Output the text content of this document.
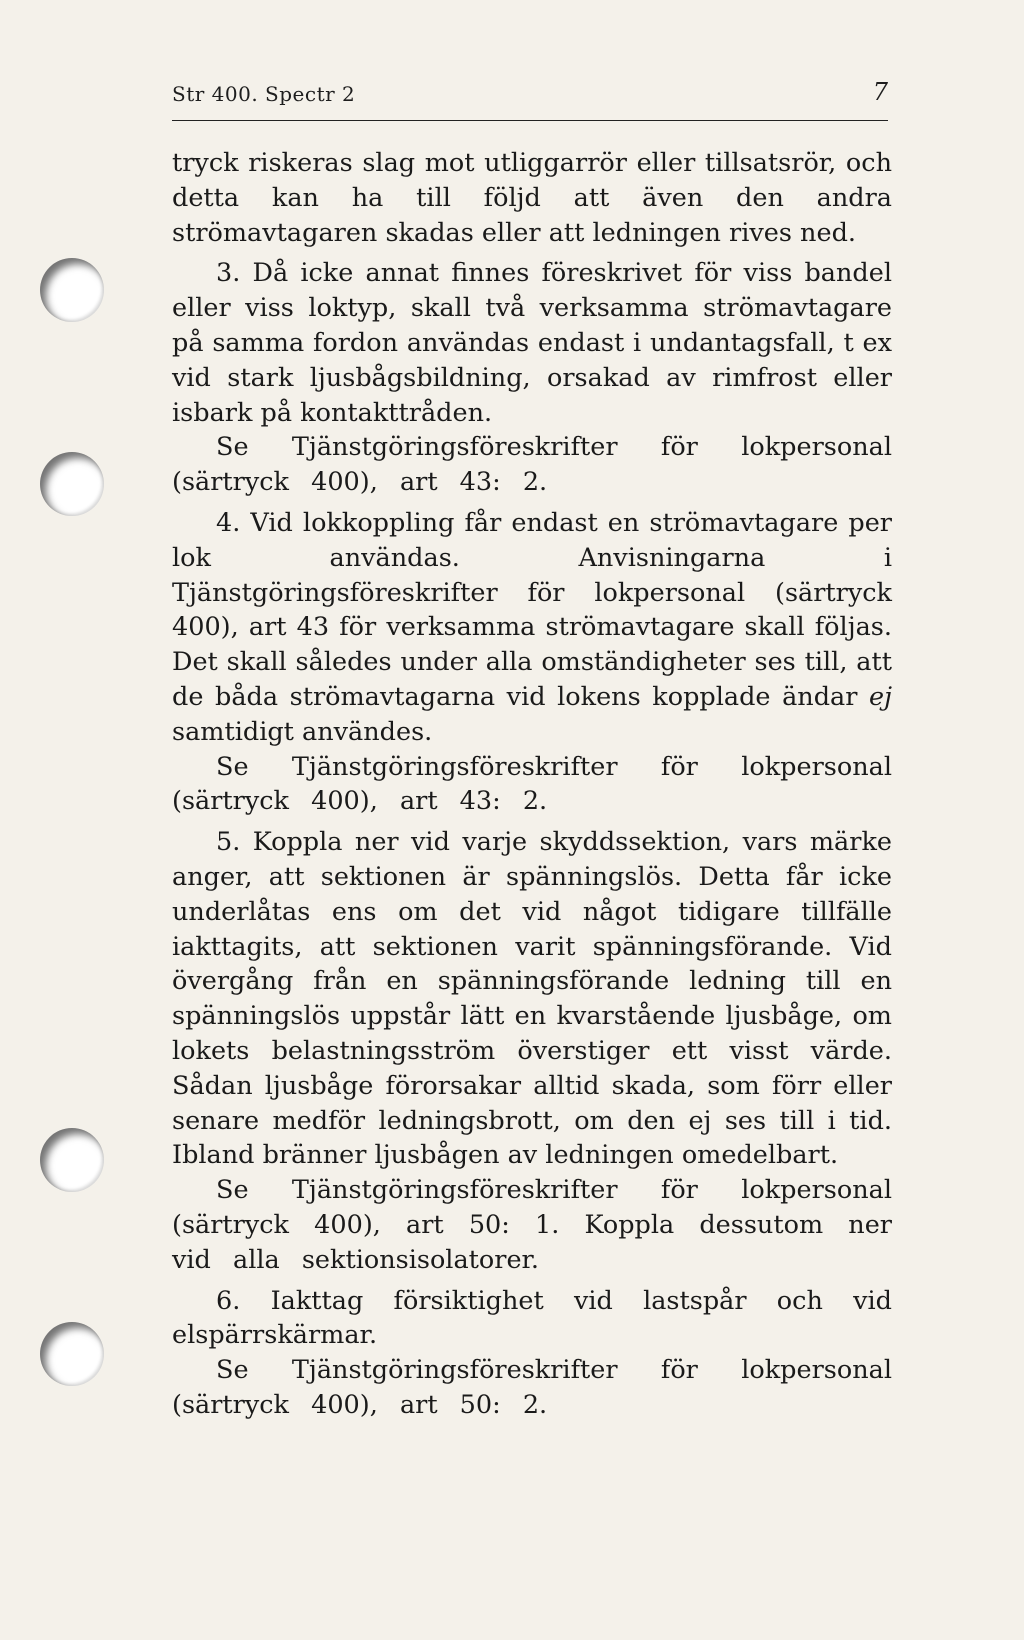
Str 400. Spectr 2	7

tryck riskeras slag mot utliggarrör eller tillsatsrör, och detta kan ha till följd att även den andra strömavtagaren skadas eller att ledningen rives ned.

3. Då icke annat finnes föreskrivet för viss bandel eller viss loktyp, skall två verksamma strömavtagare på samma fordon användas endast i undantagsfall, t ex vid stark ljusbågsbildning, orsakad av rimfrost eller isbark på kontakttråden.

Se Tjänstgöringsföreskrifter för lokpersonal (särtryck 400), art 43: 2.

4. Vid lokkoppling får endast en strömavtagare per lok användas. Anvisningarna i Tjänstgöringsföreskrifter för lokpersonal (särtryck 400), art 43 för verksamma strömavtagare skall följas. Det skall således under alla omständigheter ses till, att de båda strömavtagarna vid lokens kopplade ändar ej samtidigt användes.

Se Tjänstgöringsföreskrifter för lokpersonal (särtryck 400), art 43: 2.

5. Koppla ner vid varje skyddssektion, vars märke anger, att sektionen är spänningslös. Detta får icke underlåtas ens om det vid något tidigare tillfälle iakttagits, att sektionen varit spänningsförande. Vid övergång från en spänningsförande ledning till en spänningslös uppstår lätt en kvarstående ljusbåge, om lokets belastningsström överstiger ett visst värde. Sådan ljusbåge förorsakar alltid skada, som förr eller senare medför ledningsbrott, om den ej ses till i tid. Ibland bränner ljusbågen av ledningen omedelbart.

Se Tjänstgöringsföreskrifter för lokpersonal (särtryck 400), art 50: 1. Koppla dessutom ner vid alla sektionsisolatorer.

6. Iakttag försiktighet vid lastspår och vid elspärrskärmar.

Se Tjänstgöringsföreskrifter för lokpersonal (särtryck 400), art 50: 2.
